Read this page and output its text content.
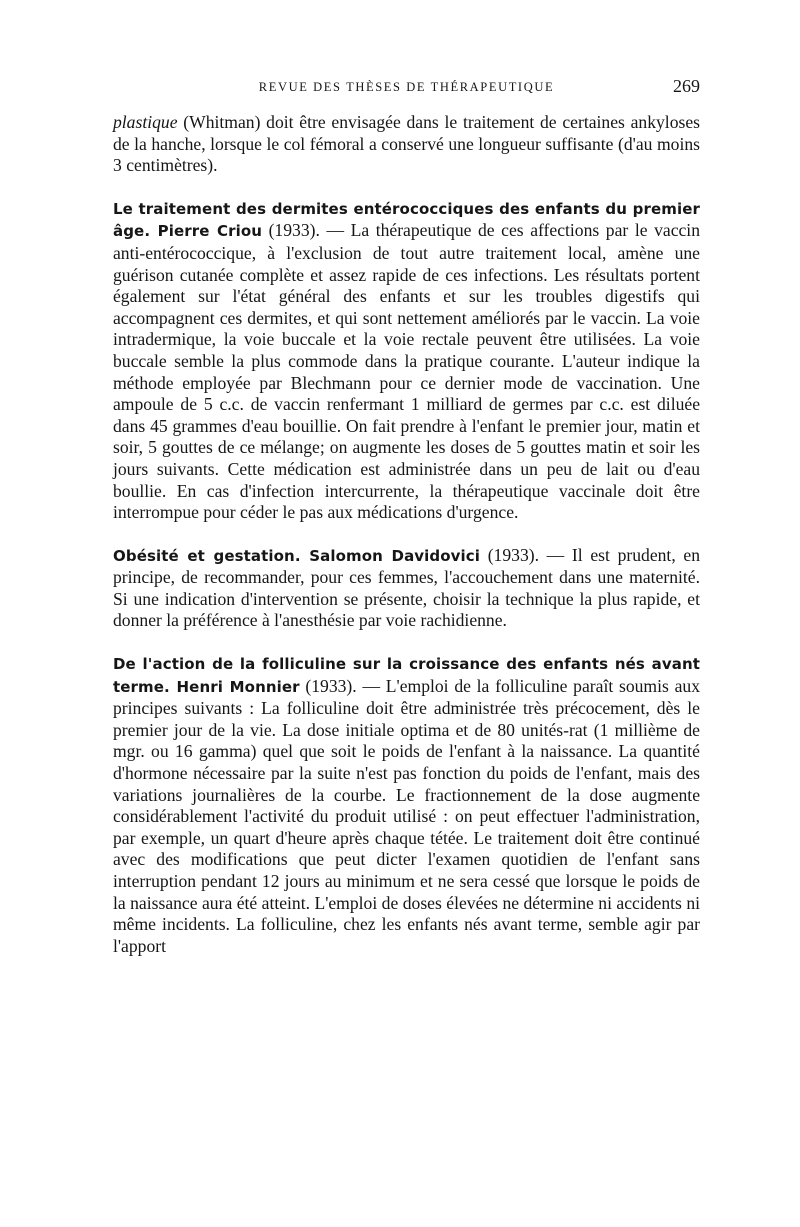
REVUE DES THÈSES DE THÉRAPEUTIQUE	269

plastique (Whitman) doit être envisagée dans le traitement de certaines ankyloses de la hanche, lorsque le col fémoral a conservé une longueur suffisante (d'au moins 3 centimètres).

Le traitement des dermites entérococciques des enfants du premier âge. Pierre Criou (1933). — La thérapeutique de ces affections par le vaccin anti-entérococcique, à l'exclusion de tout autre traitement local, amène une guérison cutanée complète et assez rapide de ces infections. Les résultats portent également sur l'état général des enfants et sur les troubles digestifs qui accompagnent ces dermites, et qui sont nettement améliorés par le vaccin. La voie intradermique, la voie buccale et la voie rectale peuvent être utilisées. La voie buccale semble la plus commode dans la pratique courante. L'auteur indique la méthode employée par Blechmann pour ce dernier mode de vaccination. Une ampoule de 5 c.c. de vaccin renfermant 1 milliard de germes par c.c. est diluée dans 45 grammes d'eau bouillie. On fait prendre à l'enfant le premier jour, matin et soir, 5 gouttes de ce mélange; on augmente les doses de 5 gouttes matin et soir les jours suivants. Cette médication est administrée dans un peu de lait ou d'eau boullie. En cas d'infection intercurrente, la thérapeutique vaccinale doit être interrompue pour céder le pas aux médications d'urgence.

Obésité et gestation. Salomon Davidovici (1933). — Il est prudent, en principe, de recommander, pour ces femmes, l'accouchement dans une maternité. Si une indication d'intervention se présente, choisir la technique la plus rapide, et donner la préférence à l'anesthésie par voie rachidienne.

De l'action de la folliculine sur la croissance des enfants nés avant terme. Henri Monnier (1933). — L'emploi de la folliculine paraît soumis aux principes suivants : La folliculine doit être administrée très précocement, dès le premier jour de la vie. La dose initiale optima et de 80 unités-rat (1 millième de mgr. ou 16 gamma) quel que soit le poids de l'enfant à la naissance. La quantité d'hormone nécessaire par la suite n'est pas fonction du poids de l'enfant, mais des variations journalières de la courbe. Le fractionnement de la dose augmente considérablement l'activité du produit utilisé : on peut effectuer l'administration, par exemple, un quart d'heure après chaque tétée. Le traitement doit être continué avec des modifications que peut dicter l'examen quotidien de l'enfant sans interruption pendant 12 jours au minimum et ne sera cessé que lorsque le poids de la naissance aura été atteint. L'emploi de doses élevées ne détermine ni accidents ni même incidents. La folliculine, chez les enfants nés avant terme, semble agir par l'apport
